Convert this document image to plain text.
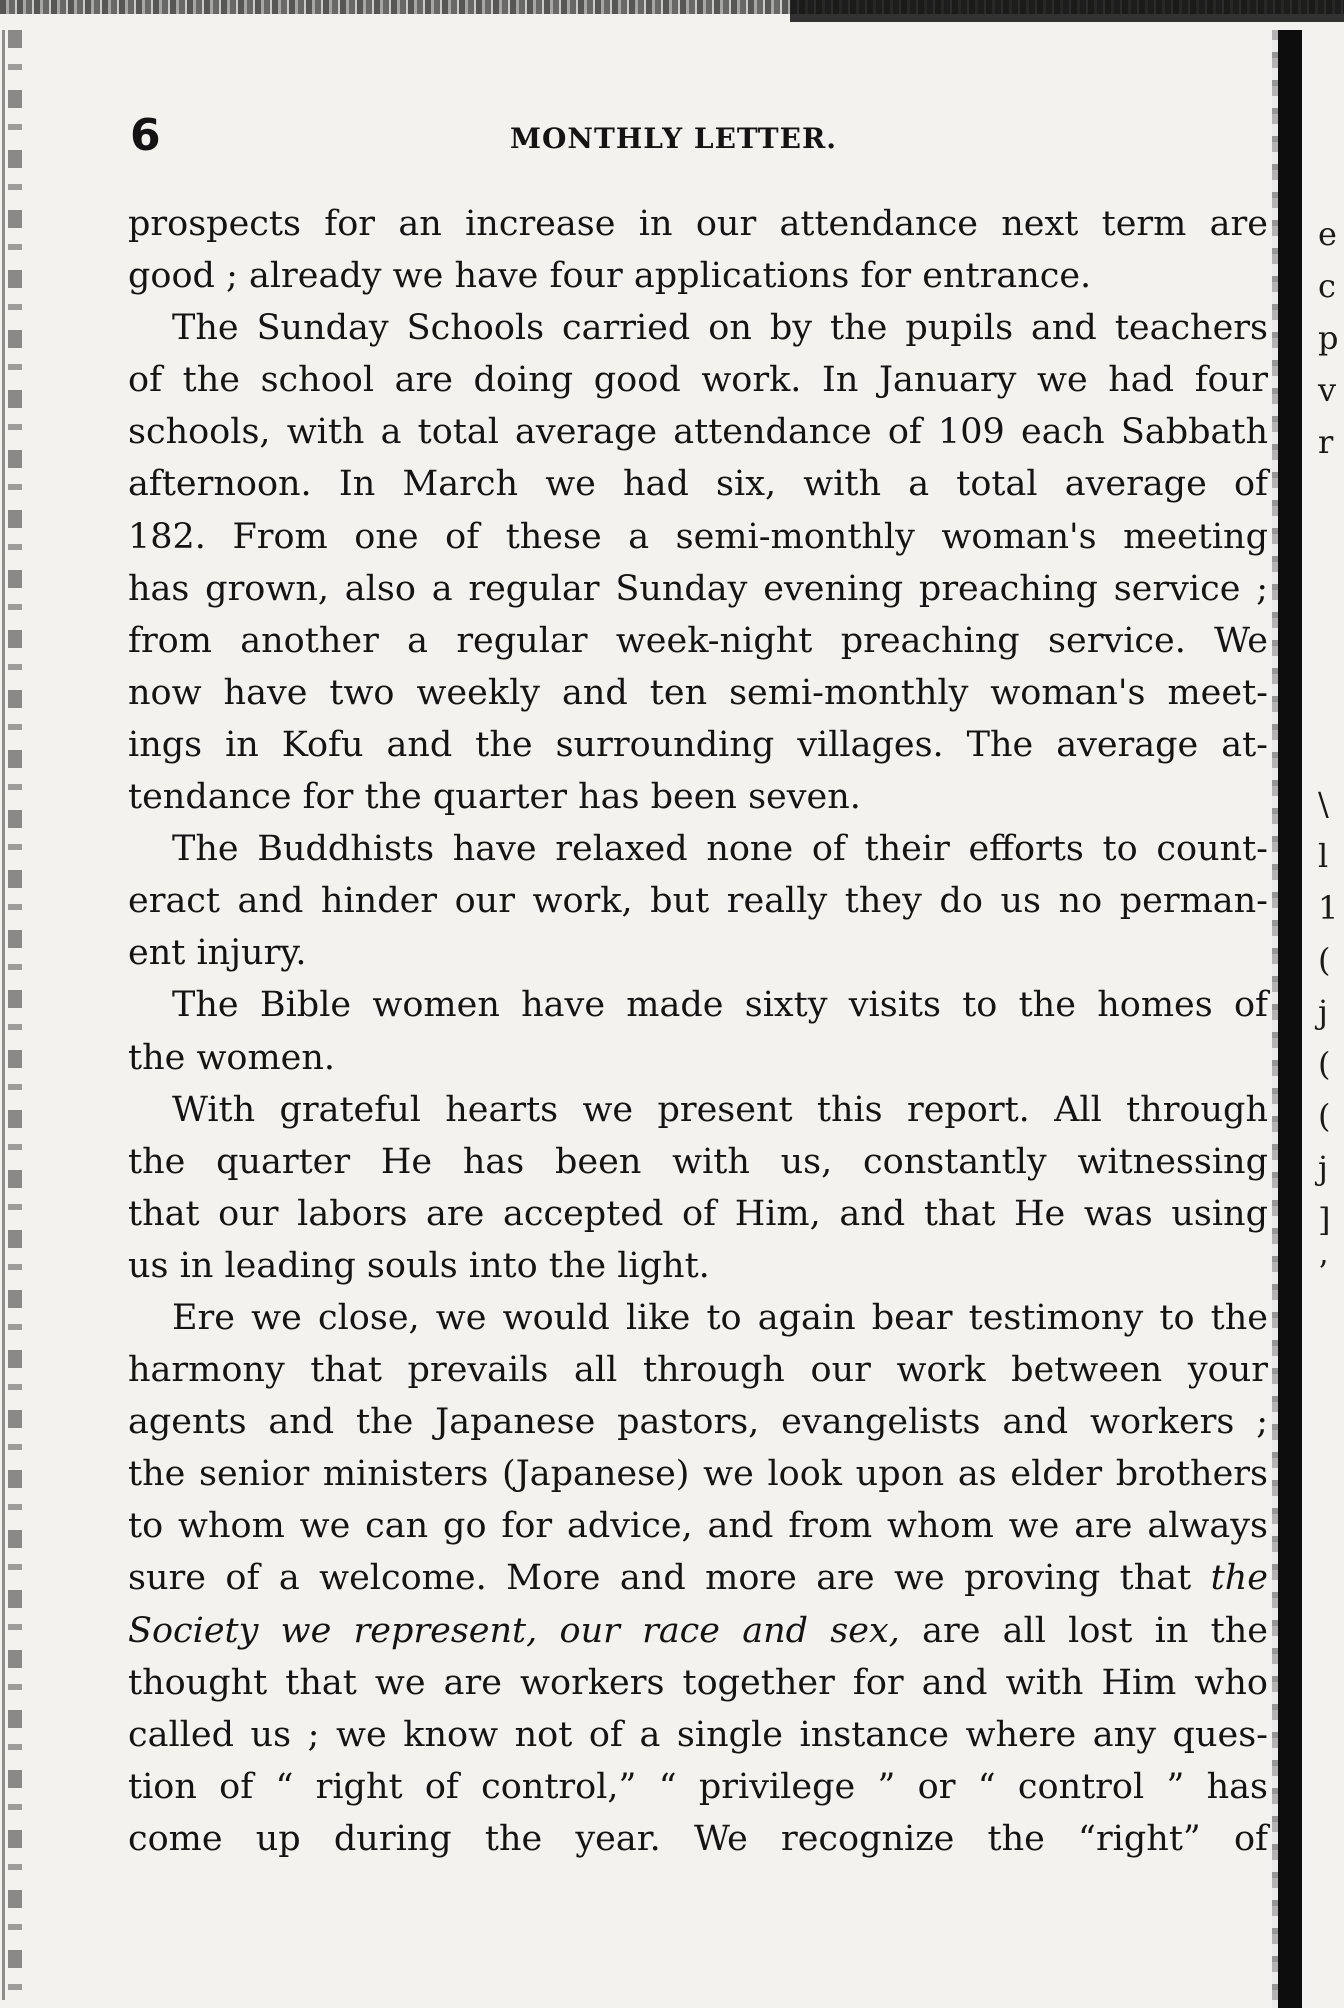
6	MONTHLY LETTER.
prospects for an increase in our attendance next term are
good ; already we have four applications for entrance.
The Sunday Schools carried on by the pupils and teachers
of the school are doing good work. In January we had four
schools, with a total average attendance of 109 each Sabbath
afternoon. In March we had six, with a total average of
182. From one of these a semi-monthly woman's meeting
has grown, also a regular Sunday evening preaching service ;
from another a regular week-night preaching service. We
now have two weekly and ten semi-monthly woman's meet-
ings in Kofu and the surrounding villages. The average at-
tendance for the quarter has been seven.
The Buddhists have relaxed none of their efforts to count-
eract and hinder our work, but really they do us no perman-
ent injury.
The Bible women have made sixty visits to the homes of
the women.
With grateful hearts we present this report. All through
the quarter He has been with us, constantly witnessing
that our labors are accepted of Him, and that He was using
us in leading souls into the light.
Ere we close, we would like to again bear testimony to the
harmony that prevails all through our work between your
agents and the Japanese pastors, evangelists and workers ;
the senior ministers (Japanese) we look upon as elder brothers
to whom we can go for advice, and from whom we are always
sure of a welcome. More and more are we proving that the
Society we represent, our race and sex, are all lost in the
thought that we are workers together for and with Him who
called us ; we know not of a single instance where any ques-
tion of “ right of control,” “ privilege ” or “ control ” has
come up during the year. We recognize the “right” of
e
c
p
v
r
\
l
1
(
j
(
(
j
]
’
